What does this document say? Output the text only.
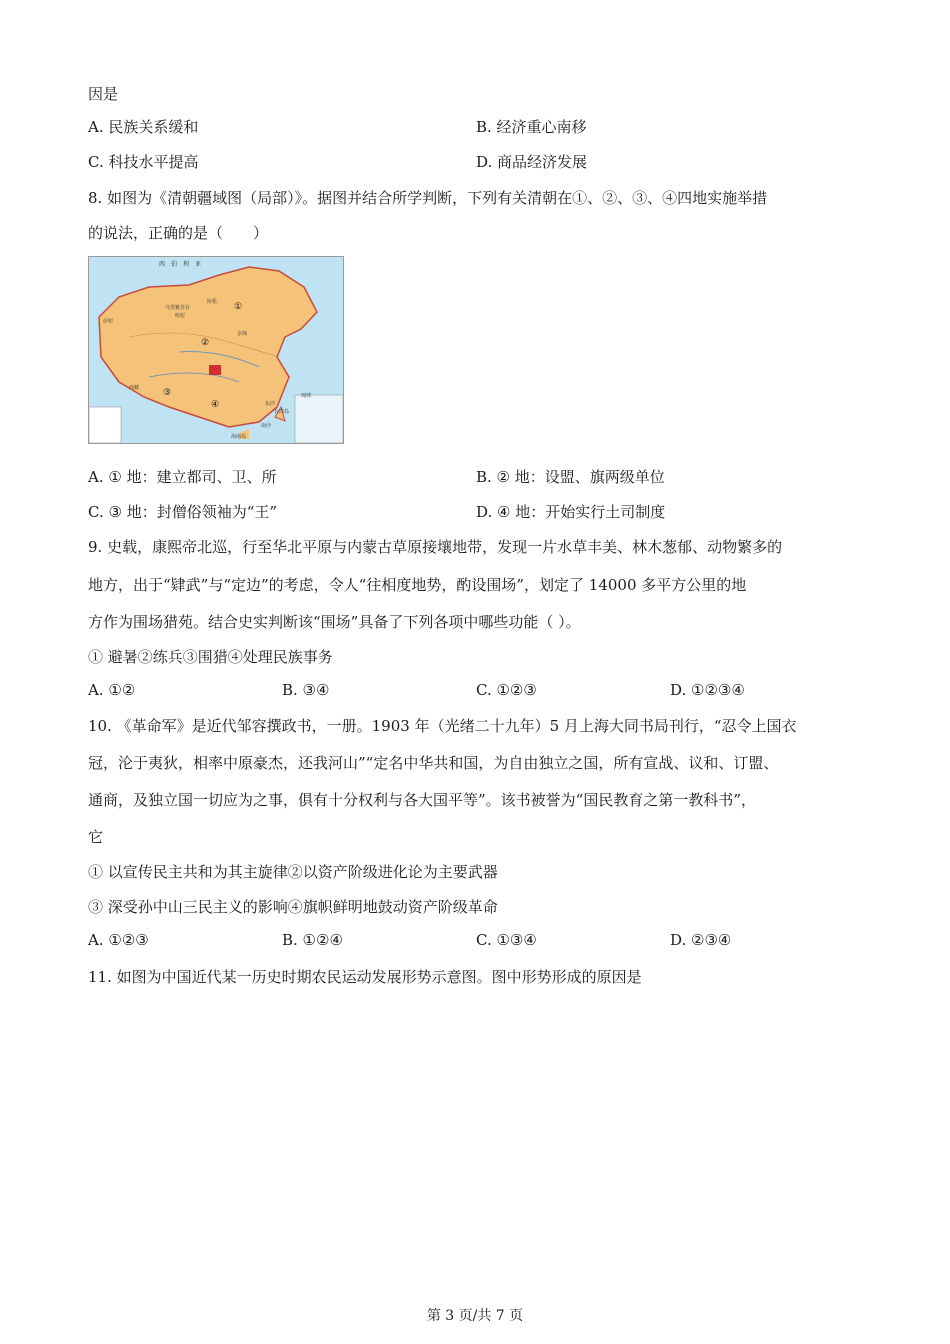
因是
A. 民族关系缓和	B. 经济重心南移
C. 科技水平提高	D. 商品经济发展
8. 如图为《清朝疆域图（局部）》。据图并结合所学判断，下列有关清朝在①、②、③、④四地实施举措
的说法，正确的是（　　）
西　伯　利　亚
乌里雅苏台
库伦
伊犁
西藏
京师
台湾岛
琉球
海南岛
南沙
东沙
哈密
①
②
③
④
A. ① 地：建立都司、卫、所	B. ② 地：设盟、旗两级单位
C. ③ 地：封僧俗领袖为“王”	D. ④ 地：开始实行土司制度
9. 史载，康熙帝北巡，行至华北平原与内蒙古草原接壤地带，发现一片水草丰美、林木葱郁、动物繁多的
地方，出于“肄武”与“定边”的考虑，令人“往相度地势，酌设围场”，划定了 14000 多平方公里的地
方作为围场猎苑。结合史实判断该“围场”具备了下列各项中哪些功能（ ）。
① 避暑②练兵③围猎④处理民族事务
A. ①②	B. ③④	C. ①②③	D. ①②③④
10. 《革命军》是近代邹容撰政书，一册。1903 年（光绪二十九年）5 月上海大同书局刊行，“忍令上国衣
冠，沦于夷狄，相率中原豪杰，还我河山”“定名中华共和国，为自由独立之国，所有宣战、议和、订盟、
通商，及独立国一切应为之事，俱有十分权利与各大国平等”。该书被誉为“国民教育之第一教科书”，
它
① 以宣传民主共和为其主旋律②以资产阶级进化论为主要武器
③ 深受孙中山三民主义的影响④旗帜鲜明地鼓动资产阶级革命
A. ①②③	B. ①②④	C. ①③④	D. ②③④
11. 如图为中国近代某一历史时期农民运动发展形势示意图。图中形势形成的原因是
第 3 页/共 7 页
